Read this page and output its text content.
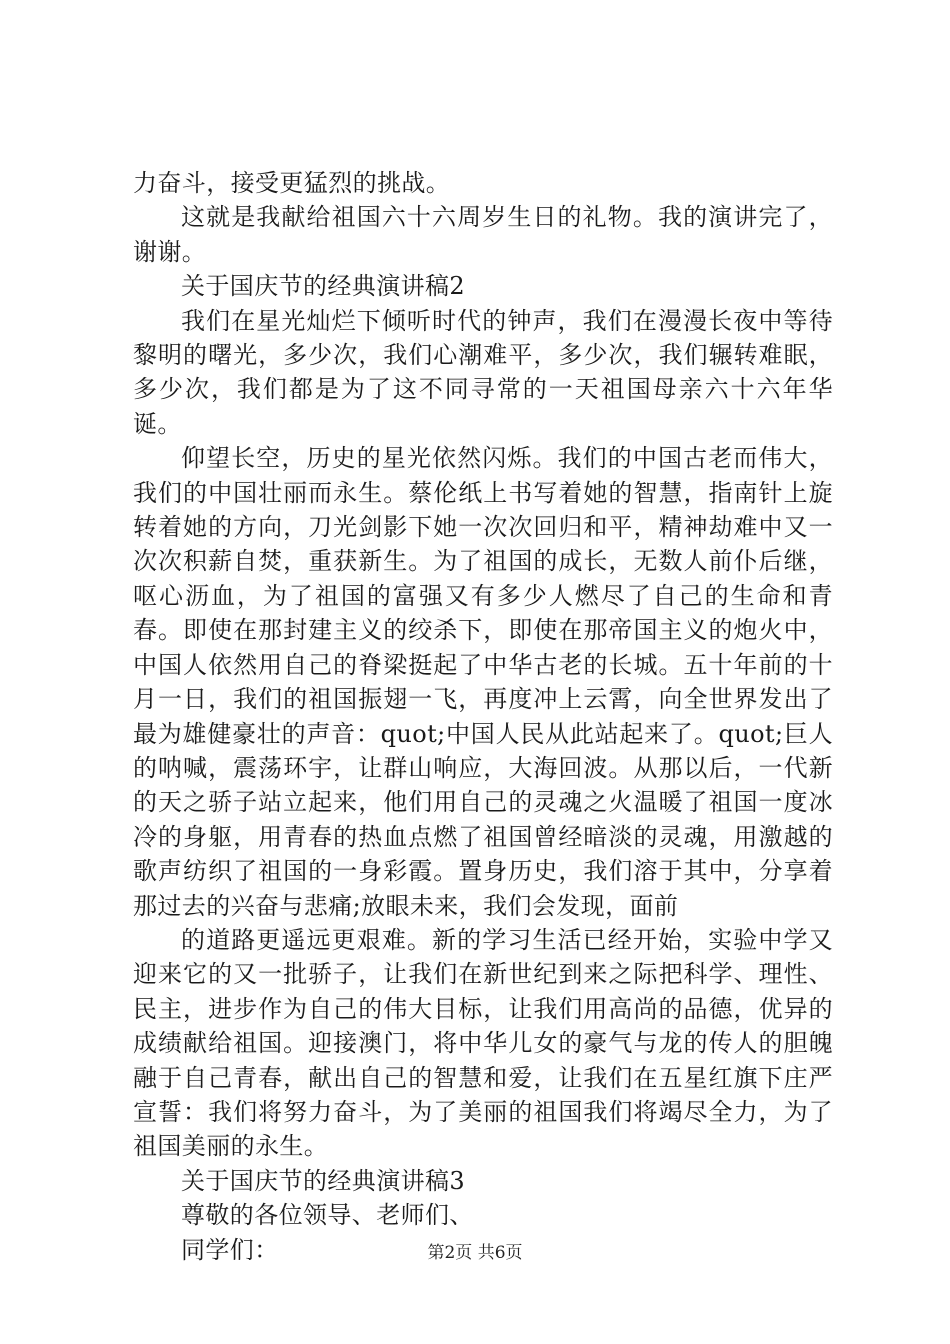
力奋斗，接受更猛烈的挑战。

这就是我献给祖国六十六周岁生日的礼物。我的演讲完了，谢谢。

关于国庆节的经典演讲稿2

我们在星光灿烂下倾听时代的钟声，我们在漫漫长夜中等待黎明的曙光，多少次，我们心潮难平，多少次，我们辗转难眠，多少次，我们都是为了这不同寻常的一天祖国母亲六十六年华诞。

仰望长空，历史的星光依然闪烁。我们的中国古老而伟大，我们的中国壮丽而永生。蔡伦纸上书写着她的智慧，指南针上旋转着她的方向，刀光剑影下她一次次回归和平，精神劫难中又一次次积薪自焚，重获新生。为了祖国的成长，无数人前仆后继，呕心沥血，为了祖国的富强又有多少人燃尽了自己的生命和青春。即使在那封建主义的绞杀下，即使在那帝国主义的炮火中，中国人依然用自己的脊梁挺起了中华古老的长城。五十年前的十月一日，我们的祖国振翅一飞，再度冲上云霄，向全世界发出了最为雄健豪壮的声音：quot;中国人民从此站起来了。quot;巨人的呐喊，震荡环宇，让群山响应，大海回波。从那以后，一代新的天之骄子站立起来，他们用自己的灵魂之火温暖了祖国一度冰冷的身躯，用青春的热血点燃了祖国曾经暗淡的灵魂，用激越的歌声纺织了祖国的一身彩霞。置身历史，我们溶于其中，分享着那过去的兴奋与悲痛;放眼未来，我们会发现，面前

的道路更遥远更艰难。新的学习生活已经开始，实验中学又迎来它的又一批骄子，让我们在新世纪到来之际把科学、理性、民主，进步作为自己的伟大目标，让我们用高尚的品德，优异的成绩献给祖国。迎接澳门，将中华儿女的豪气与龙的传人的胆魄融于自己青春，献出自己的智慧和爱，让我们在五星红旗下庄严宣誓：我们将努力奋斗，为了美丽的祖国我们将竭尽全力，为了祖国美丽的永生。

关于国庆节的经典演讲稿3

尊敬的各位领导、老师们、

同学们：	第2页 共6页
